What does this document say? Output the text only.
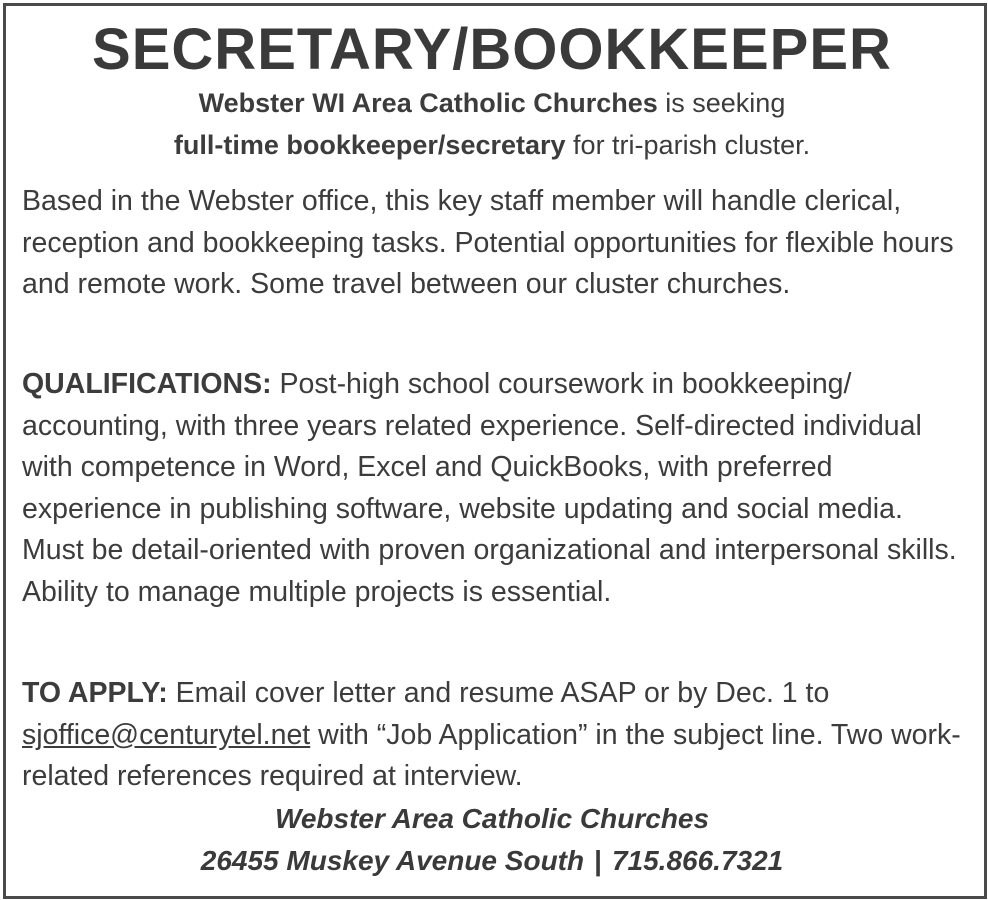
SECRETARY/BOOKKEEPER
Webster WI Area Catholic Churches is seeking
full-time bookkeeper/secretary for tri-parish cluster.

Based in the Webster office, this key staff member will handle clerical, reception and bookkeeping tasks. Potential opportunities for flexible hours and remote work. Some travel between our cluster churches.

QUALIFICATIONS: Post-high school coursework in bookkeeping/ accounting, with three years related experience. Self-directed individual with competence in Word, Excel and QuickBooks, with preferred experience in publishing software, website updating and social media. Must be detail-oriented with proven organizational and interpersonal skills. Ability to manage multiple projects is essential.

TO APPLY: Email cover letter and resume ASAP or by Dec. 1 to sjoffice@centurytel.net with “Job Application” in the subject line. Two work-related references required at interview.

Webster Area Catholic Churches
26455 Muskey Avenue South | 715.866.7321
